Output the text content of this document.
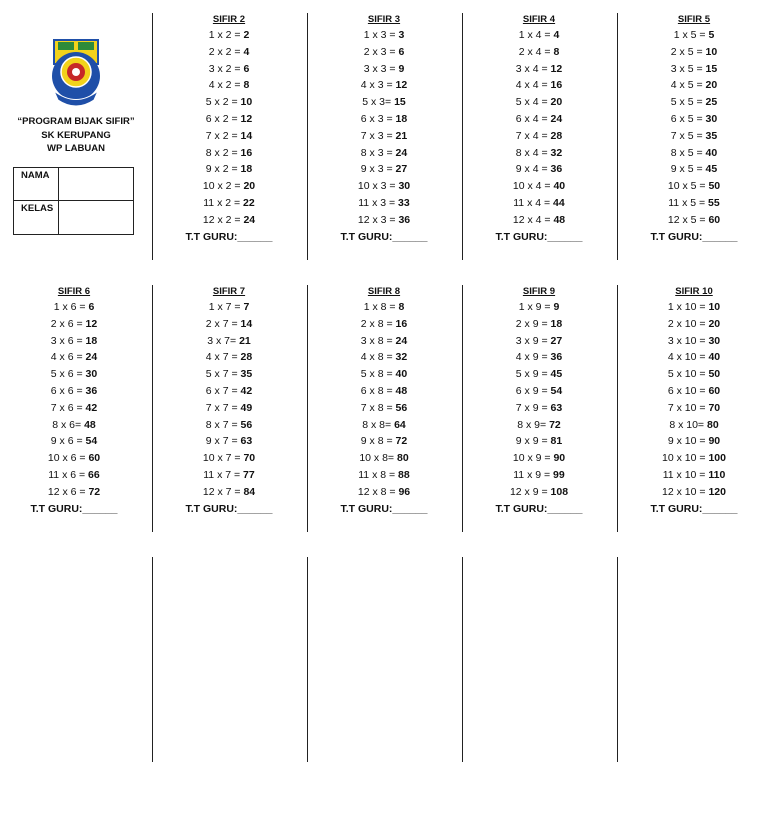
“PROGRAM BIJAK SIFIR”
SK KERUPANG
WP LABUAN
NAMA
KELAS
SIFIR 2
1 x 2 = 2
2 x 2 = 4
3 x 2 = 6
4 x 2 = 8
5 x 2 = 10
6 x 2 = 12
7 x 2 = 14
8 x 2 = 16
9 x 2 = 18
10 x 2 = 20
11 x 2 = 22
12 x 2 = 24
T.T GURU:______
SIFIR 3
1 x 3 = 3
2 x 3 = 6
3 x 3 = 9
4 x 3 = 12
5 x 3= 15
6 x 3 = 18
7 x 3 = 21
8 x 3 = 24
9 x 3 = 27
10 x 3 = 30
11 x 3 = 33
12 x 3 = 36
T.T GURU:______
SIFIR 4
1 x 4 = 4
2 x 4 = 8
3 x 4 = 12
4 x 4 = 16
5 x 4 = 20
6 x 4 = 24
7 x 4 = 28
8 x 4 = 32
9 x 4 = 36
10 x 4 = 40
11 x 4 = 44
12 x 4 = 48
T.T GURU:______
SIFIR 5
1 x 5 = 5
2 x 5 = 10
3 x 5 = 15
4 x 5 = 20
5 x 5 = 25
6 x 5 = 30
7 x 5 = 35
8 x 5 = 40
9 x 5 = 45
10 x 5 = 50
11 x 5 = 55
12 x 5 = 60
T.T GURU:______
SIFIR 6
1 x 6 = 6
2 x 6 = 12
3 x 6 = 18
4 x 6 = 24
5 x 6 = 30
6 x 6 = 36
7 x 6 = 42
8 x 6= 48
9 x 6 = 54
10 x 6 = 60
11 x 6 = 66
12 x 6 = 72
T.T GURU:______
SIFIR 7
1 x 7 = 7
2 x 7 = 14
3 x 7= 21
4 x 7 = 28
5 x 7 = 35
6 x 7 = 42
7 x 7 = 49
8 x 7 = 56
9 x 7 = 63
10 x 7 = 70
11 x 7 = 77
12 x 7 = 84
T.T GURU:______
SIFIR 8
1 x 8 = 8
2 x 8 = 16
3 x 8 = 24
4 x 8 = 32
5 x 8 = 40
6 x 8 = 48
7 x 8 = 56
8 x 8= 64
9 x 8 = 72
10 x 8= 80
11 x 8 = 88
12 x 8 = 96
T.T GURU:______
SIFIR 9
1 x 9 = 9
2 x 9 = 18
3 x 9 = 27
4 x 9 = 36
5 x 9 = 45
6 x 9 = 54
7 x 9 = 63
8 x 9= 72
9 x 9 = 81
10 x 9 = 90
11 x 9 = 99
12 x 9 = 108
T.T GURU:______
SIFIR 10
1 x 10 = 10
2 x 10 = 20
3 x 10 = 30
4 x 10 = 40
5 x 10 = 50
6 x 10 = 60
7 x 10 = 70
8 x 10= 80
9 x 10 = 90
10 x 10 = 100
11 x 10 = 110
12 x 10 = 120
T.T GURU:______
